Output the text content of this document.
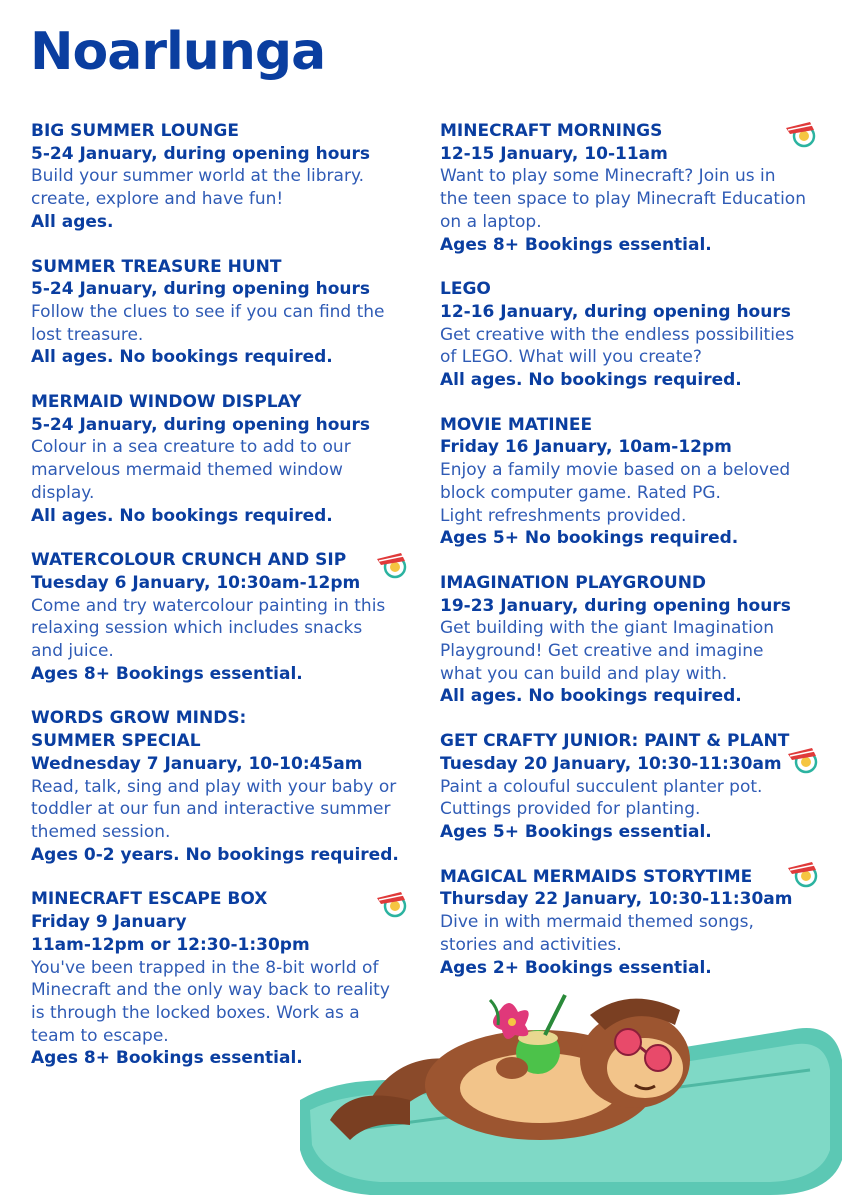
Noarlunga
BIG SUMMER LOUNGE
5-24 January, during opening hours
Build your summer world at the library.
create, explore and have fun!
All ages.
SUMMER TREASURE HUNT
5-24 January, during opening hours
Follow the clues to see if you can find the
lost treasure.
All ages. No bookings required.
MERMAID WINDOW DISPLAY
5-24 January, during opening hours
Colour in a sea creature to add to our
marvelous mermaid themed window
display.
All ages. No bookings required.
WATERCOLOUR CRUNCH AND SIP
Tuesday 6 January, 10:30am-12pm
Come and try watercolour painting in this
relaxing session which includes snacks
and juice.
Ages 8+ Bookings essential.
WORDS GROW MINDS:
SUMMER SPECIAL
Wednesday 7 January, 10-10:45am
Read, talk, sing and play with your baby or
toddler at our fun and interactive summer
themed session.
Ages 0-2 years. No bookings required.
MINECRAFT ESCAPE BOX
Friday 9 January
11am-12pm or 12:30-1:30pm
You've been trapped in the 8-bit world of
Minecraft and the only way back to reality
is through the locked boxes. Work as a
team to escape.
Ages 8+ Bookings essential.
MINECRAFT MORNINGS
12-15 January, 10-11am
Want to play some Minecraft? Join us in
the teen space to play Minecraft Education
on a laptop.
Ages 8+ Bookings essential.
LEGO
12-16 January, during opening hours
Get creative with the endless possibilities
of LEGO. What will you create?
All ages. No bookings required.
MOVIE MATINEE
Friday 16 January, 10am-12pm
Enjoy a family movie based on a beloved
block computer game. Rated PG.
Light refreshments provided.
Ages 5+ No bookings required.
IMAGINATION PLAYGROUND
19-23 January, during opening hours
Get building with the giant Imagination
Playground! Get creative and imagine
what you can build and play with.
All ages. No bookings required.
GET CRAFTY JUNIOR: PAINT & PLANT
Tuesday 20 January, 10:30-11:30am
Paint a colouful succulent planter pot.
Cuttings provided for planting.
Ages 5+ Bookings essential.
MAGICAL MERMAIDS STORYTIME
Thursday 22 January, 10:30-11:30am
Dive in with mermaid themed songs,
stories and activities.
Ages 2+ Bookings essential.
